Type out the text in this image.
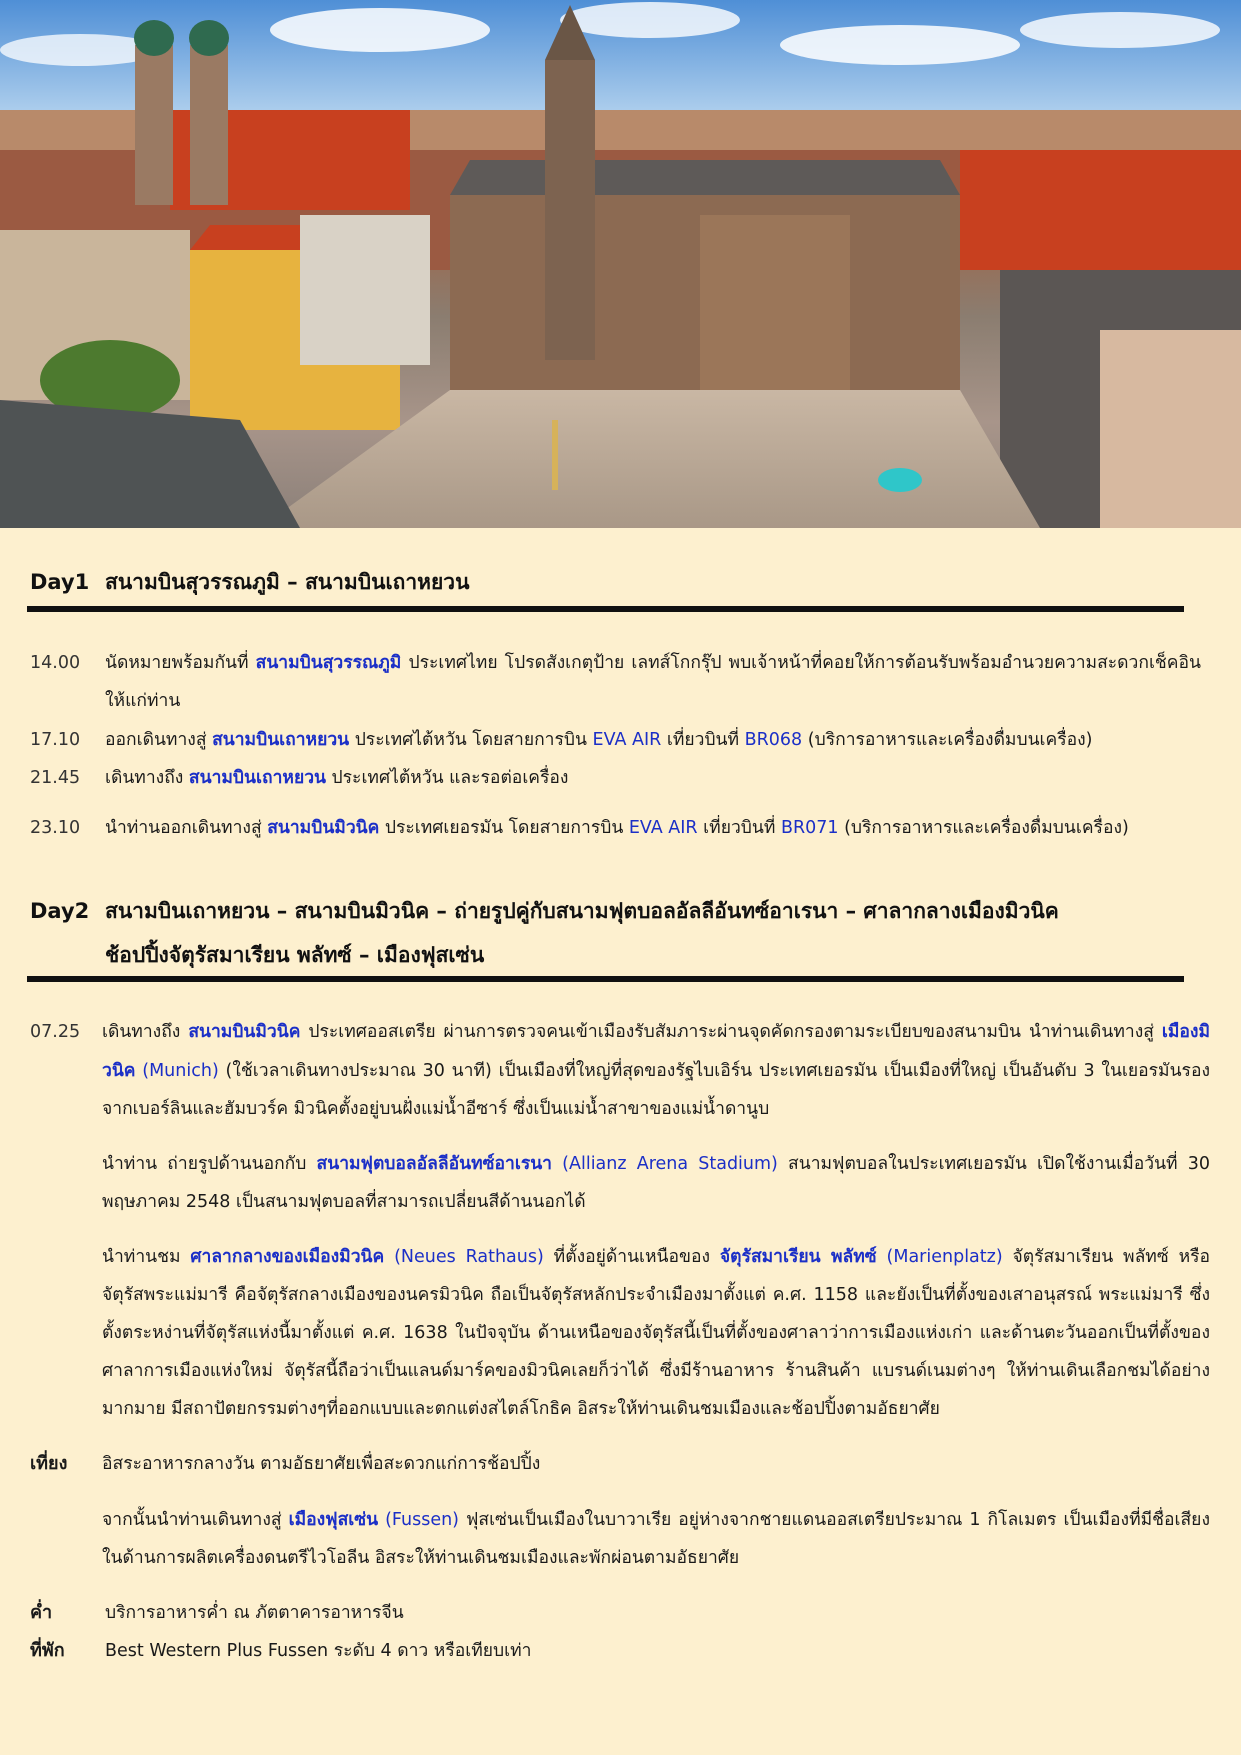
Day1 สนามบินสุวรรณภูมิ – สนามบินเถาหยวน
14.00	นัดหมายพร้อมกันที่ สนามบินสุวรรณภูมิ ประเทศไทย โปรดสังเกตุป้าย เลทส์โกกรุ๊ป พบเจ้าหน้าที่คอยให้การต้อนรับพร้อมอำนวยความสะดวกเช็คอินให้แก่ท่าน
17.10	ออกเดินทางสู่ สนามบินเถาหยวน ประเทศไต้หวัน โดยสายการบิน EVA AIR เที่ยวบินที่ BR068 (บริการอาหารและเครื่องดื่มบนเครื่อง)
21.45	เดินทางถึง สนามบินเถาหยวน ประเทศไต้หวัน และรอต่อเครื่อง
23.10	นำท่านออกเดินทางสู่ สนามบินมิวนิค ประเทศเยอรมัน โดยสายการบิน EVA AIR เที่ยวบินที่ BR071 (บริการอาหารและเครื่องดื่มบนเครื่อง)
Day2 สนามบินเถาหยวน – สนามบินมิวนิค – ถ่ายรูปคู่กับสนามฟุตบอลอัลลีอันทซ์อาเรนา – ศาลากลางเมืองมิวนิค
ช้อปปิ้งจัตุรัสมาเรียน พลัทซ์ – เมืองฟุสเซ่น
07.25	เดินทางถึง สนามบินมิวนิค ประเทศออสเตรีย ผ่านการตรวจคนเข้าเมืองรับสัมภาระผ่านจุดคัดกรองตามระเบียบของสนามบิน นำท่านเดินทางสู่ เมืองมิวนิค (Munich) (ใช้เวลาเดินทางประมาณ 30 นาที) เป็นเมืองที่ใหญ่ที่สุดของรัฐไบเอิร์น ประเทศเยอรมัน เป็นเมืองที่ใหญ่ เป็นอันดับ 3 ในเยอรมันรองจากเบอร์ลินและฮัมบวร์ค มิวนิคตั้งอยู่บนฝั่งแม่น้ำอีซาร์ ซึ่งเป็นแม่น้ำสาขาของแม่น้ำดานูบ
นำท่าน ถ่ายรูปด้านนอกกับ สนามฟุตบอลอัลลีอันทซ์อาเรนา (Allianz Arena Stadium) สนามฟุตบอลในประเทศเยอรมัน เปิดใช้งานเมื่อวันที่ 30 พฤษภาคม 2548 เป็นสนามฟุตบอลที่สามารถเปลี่ยนสีด้านนอกได้
นำท่านชม ศาลากลางของเมืองมิวนิค (Neues Rathaus) ที่ตั้งอยู่ด้านเหนือของ จัตุรัสมาเรียน พลัทซ์ (Marienplatz) จัตุรัสมาเรียน พลัทซ์ หรือ จัตุรัสพระแม่มารี คือจัตุรัสกลางเมืองของนครมิวนิค ถือเป็นจัตุรัสหลักประจำเมืองมาตั้งแต่ ค.ศ. 1158 และยังเป็นที่ตั้งของเสาอนุสรณ์ พระแม่มารี ซึ่งตั้งตระหง่านที่จัตุรัสแห่งนี้มาตั้งแต่ ค.ศ. 1638 ในปัจจุบัน ด้านเหนือของจัตุรัสนี้เป็นที่ตั้งของศาลาว่าการเมืองแห่งเก่า และด้านตะวันออกเป็นที่ตั้งของศาลาการเมืองแห่งใหม่ จัตุรัสนี้ถือว่าเป็นแลนด์มาร์คของมิวนิคเลยก็ว่าได้ ซึ่งมีร้านอาหาร ร้านสินค้า แบรนด์เนมต่างๆ ให้ท่านเดินเลือกชมได้อย่างมากมาย มีสถาปัตยกรรมต่างๆที่ออกแบบและตกแต่งสไตล์โกธิค อิสระให้ท่านเดินชมเมืองและช้อปปิ้งตามอัธยาศัย
เที่ยง อิสระอาหารกลางวัน ตามอัธยาศัยเพื่อสะดวกแก่การช้อปปิ้ง
จากนั้นนำท่านเดินทางสู่ เมืองฟุสเซ่น (Fussen) ฟุสเซ่นเป็นเมืองในบาวาเรีย อยู่ห่างจากชายแดนออสเตรียประมาณ 1 กิโลเมตร เป็นเมืองที่มีชื่อเสียงในด้านการผลิตเครื่องดนตรีไวโอลีน อิสระให้ท่านเดินชมเมืองและพักผ่อนตามอัธยาศัย
ค่ำ	บริการอาหารค่ำ ณ ภัตตาคารอาหารจีน
ที่พัก Best Western Plus Fussen ระดับ 4 ดาว หรือเทียบเท่า
